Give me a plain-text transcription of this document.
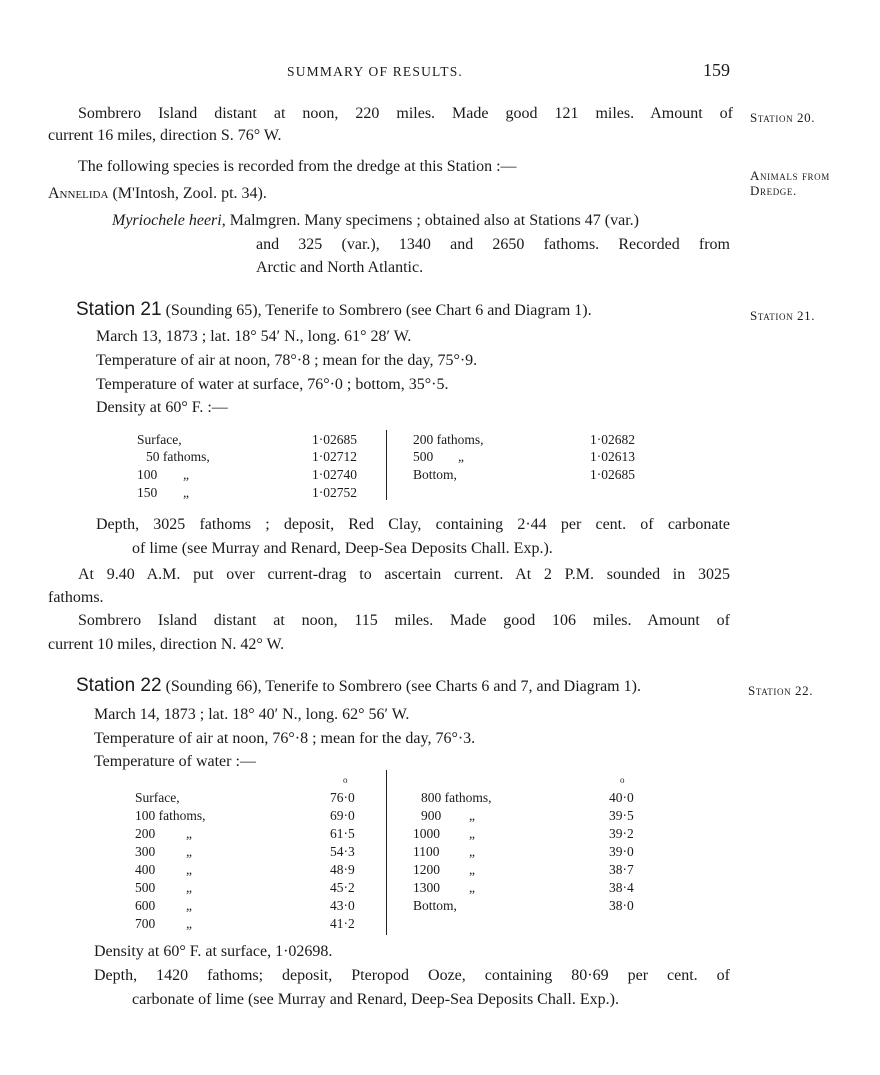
SUMMARY OF RESULTS.	159
Station 20.
Animals from
Dredge.
Station 21.
Station 22.
Sombrero Island distant at noon, 220 miles. Made good 121 miles. Amount of
current 16 miles, direction S. 76° W.
The following species is recorded from the dredge at this Station :—
Annelida (M'Intosh, Zool. pt. 34).
Myriochele heeri, Malmgren. Many specimens ; obtained also at Stations 47 (var.)
and 325 (var.), 1340 and 2650 fathoms. Recorded from
Arctic and North Atlantic.
Station 21 (Sounding 65), Tenerife to Sombrero (see Chart 6 and Diagram 1).
March 13, 1873 ; lat. 18° 54′ N., long. 61° 28′ W.
Temperature of air at noon, 78°·8 ; mean for the day, 75°·9.
Temperature of water at surface, 76°·0 ; bottom, 35°·5.
Density at 60° F. :—
Surface,	1·02685
50 fathoms,	1·02712
100 „	1·02740
150 „	1·02752
200 fathoms,	1·02682
500 „	1·02613
Bottom,	1·02685
Depth, 3025 fathoms ; deposit, Red Clay, containing 2·44 per cent. of carbonate
of lime (see Murray and Renard, Deep-Sea Deposits Chall. Exp.).
At 9.40 A.M. put over current-drag to ascertain current. At 2 P.M. sounded in 3025
fathoms.
Sombrero Island distant at noon, 115 miles. Made good 106 miles. Amount of
current 10 miles, direction N. 42° W.
Station 22 (Sounding 66), Tenerife to Sombrero (see Charts 6 and 7, and Diagram 1).
March 14, 1873 ; lat. 18° 40′ N., long. 62° 56′ W.
Temperature of air at noon, 76°·8 ; mean for the day, 76°·3.
Temperature of water :—
o	o
Surface,	76·0
100 fathoms,	69·0
200 „	61·5
300 „	54·3
400 „	48·9
500 „	45·2
600 „	43·0
700 „	41·2
800 fathoms,	40·0
900 „	39·5
1000 „	39·2
1100 „	39·0
1200 „	38·7
1300 „	38·4
Bottom,	38·0
Density at 60° F. at surface, 1·02698.
Depth, 1420 fathoms; deposit, Pteropod Ooze, containing 80·69 per cent. of
carbonate of lime (see Murray and Renard, Deep-Sea Deposits Chall. Exp.).
